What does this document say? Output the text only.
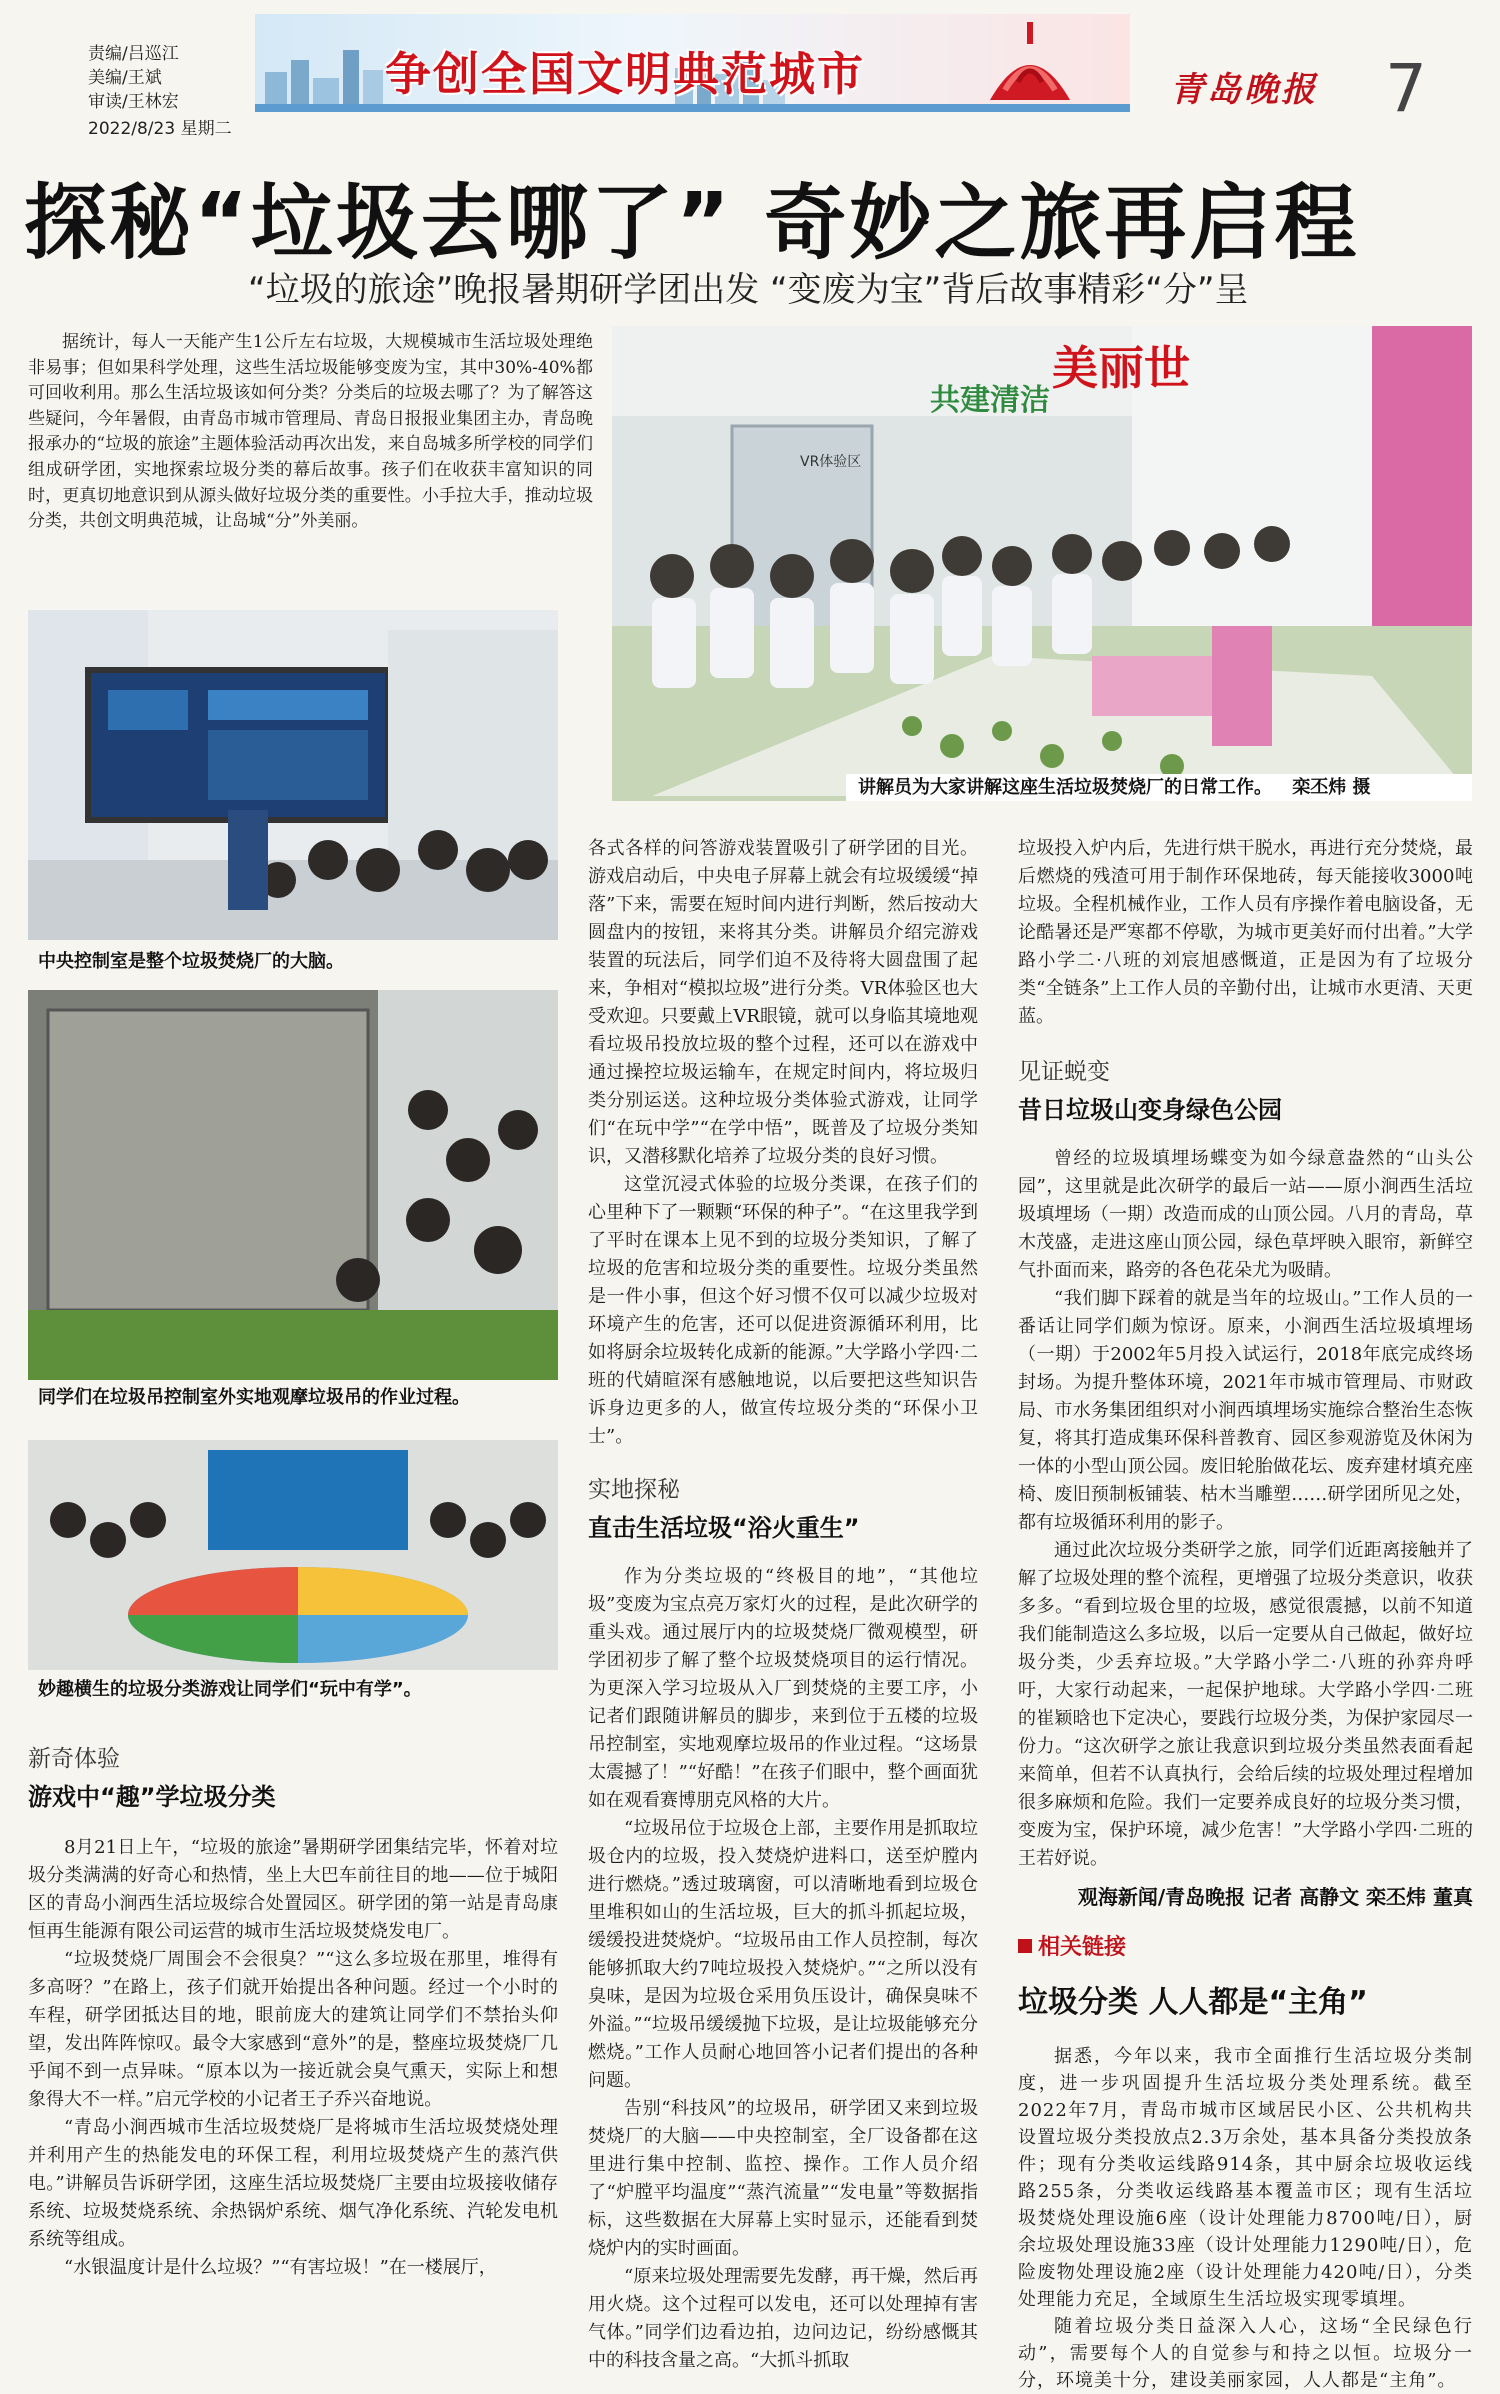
责编/吕巡江
美编/王斌
审读/王林宏
2022/8/23 星期二
争创全国文明典范城市	青岛晚报 7
探秘“垃圾去哪了” 奇妙之旅再启程
“垃圾的旅途”晚报暑期研学团出发 “变废为宝”背后故事精彩“分”呈
据统计，每人一天能产生1公斤左右垃圾，大规模城市生活垃圾处理绝非易事；但如果科学处理，这些生活垃圾能够变废为宝，其中30%-40%都可回收利用。那么生活垃圾该如何分类？分类后的垃圾去哪了？为了解答这些疑问，今年暑假，由青岛市城市管理局、青岛日报报业集团主办，青岛晚报承办的“垃圾的旅途”主题体验活动再次出发，来自岛城多所学校的同学们组成研学团，实地探索垃圾分类的幕后故事。孩子们在收获丰富知识的同时，更真切地意识到从源头做好垃圾分类的重要性。小手拉大手，推动垃圾分类，共创文明典范城，让岛城“分”外美丽。
VR体验区
共建清洁
美丽世
讲解员为大家讲解这座生活垃圾焚烧厂的日常工作。 栾丕炜 摄
中央控制室是整个垃圾焚烧厂的大脑。
同学们在垃圾吊控制室外实地观摩垃圾吊的作业过程。
妙趣横生的垃圾分类游戏让同学们“玩中有学”。
新奇体验
游戏中“趣”学垃圾分类
8月21日上午，“垃圾的旅途”暑期研学团集结完毕，怀着对垃圾分类满满的好奇心和热情，坐上大巴车前往目的地——位于城阳区的青岛小涧西生活垃圾综合处置园区。研学团的第一站是青岛康恒再生能源有限公司运营的城市生活垃圾焚烧发电厂。
“垃圾焚烧厂周围会不会很臭？”“这么多垃圾在那里，堆得有多高呀？”在路上，孩子们就开始提出各种问题。经过一个小时的车程，研学团抵达目的地，眼前庞大的建筑让同学们不禁抬头仰望，发出阵阵惊叹。最令大家感到“意外”的是，整座垃圾焚烧厂几乎闻不到一点异味。“原本以为一接近就会臭气熏天，实际上和想象得大不一样。”启元学校的小记者王子乔兴奋地说。
“青岛小涧西城市生活垃圾焚烧厂是将城市生活垃圾焚烧处理并利用产生的热能发电的环保工程，利用垃圾焚烧产生的蒸汽供电。”讲解员告诉研学团，这座生活垃圾焚烧厂主要由垃圾接收储存系统、垃圾焚烧系统、余热锅炉系统、烟气净化系统、汽轮发电机系统等组成。
“水银温度计是什么垃圾？”“有害垃圾！”在一楼展厅，
各式各样的问答游戏装置吸引了研学团的目光。游戏启动后，中央电子屏幕上就会有垃圾缓缓“掉落”下来，需要在短时间内进行判断，然后按动大圆盘内的按钮，来将其分类。讲解员介绍完游戏装置的玩法后，同学们迫不及待将大圆盘围了起来，争相对“模拟垃圾”进行分类。VR体验区也大受欢迎。只要戴上VR眼镜，就可以身临其境地观看垃圾吊投放垃圾的整个过程，还可以在游戏中通过操控垃圾运输车，在规定时间内，将垃圾归类分别运送。这种垃圾分类体验式游戏，让同学们“在玩中学”“在学中悟”，既普及了垃圾分类知识，又潜移默化培养了垃圾分类的良好习惯。
这堂沉浸式体验的垃圾分类课，在孩子们的心里种下了一颗颗“环保的种子”。“在这里我学到了平时在课本上见不到的垃圾分类知识，了解了垃圾的危害和垃圾分类的重要性。垃圾分类虽然是一件小事，但这个好习惯不仅可以减少垃圾对环境产生的危害，还可以促进资源循环利用，比如将厨余垃圾转化成新的能源。”大学路小学四·二班的代婧暄深有感触地说，以后要把这些知识告诉身边更多的人，做宣传垃圾分类的“环保小卫士”。
实地探秘
直击生活垃圾“浴火重生”
作为分类垃圾的“终极目的地”，“其他垃圾”变废为宝点亮万家灯火的过程，是此次研学的重头戏。通过展厅内的垃圾焚烧厂微观模型，研学团初步了解了整个垃圾焚烧项目的运行情况。为更深入学习垃圾从入厂到焚烧的主要工序，小记者们跟随讲解员的脚步，来到位于五楼的垃圾吊控制室，实地观摩垃圾吊的作业过程。“这场景太震撼了！”“好酷！”在孩子们眼中，整个画面犹如在观看赛博朋克风格的大片。
“垃圾吊位于垃圾仓上部，主要作用是抓取垃圾仓内的垃圾，投入焚烧炉进料口，送至炉膛内进行燃烧。”透过玻璃窗，可以清晰地看到垃圾仓里堆积如山的生活垃圾，巨大的抓斗抓起垃圾，缓缓投进焚烧炉。“垃圾吊由工作人员控制，每次能够抓取大约7吨垃圾投入焚烧炉。”“之所以没有臭味，是因为垃圾仓采用负压设计，确保臭味不外溢。”“垃圾吊缓缓抛下垃圾，是让垃圾能够充分燃烧。”工作人员耐心地回答小记者们提出的各种问题。
告别“科技风”的垃圾吊，研学团又来到垃圾焚烧厂的大脑——中央控制室，全厂设备都在这里进行集中控制、监控、操作。工作人员介绍了“炉膛平均温度”“蒸汽流量”“发电量”等数据指标，这些数据在大屏幕上实时显示，还能看到焚烧炉内的实时画面。
“原来垃圾处理需要先发酵，再干燥，然后再用火烧。这个过程可以发电，还可以处理掉有害气体。”同学们边看边拍，边问边记，纷纷感慨其中的科技含量之高。“大抓斗抓取
垃圾投入炉内后，先进行烘干脱水，再进行充分焚烧，最后燃烧的残渣可用于制作环保地砖，每天能接收3000吨垃圾。全程机械作业，工作人员有序操作着电脑设备，无论酷暑还是严寒都不停歇，为城市更美好而付出着。”大学路小学二·八班的刘宸旭感慨道，正是因为有了垃圾分类“全链条”上工作人员的辛勤付出，让城市水更清、天更蓝。
见证蜕变
昔日垃圾山变身绿色公园
曾经的垃圾填埋场蝶变为如今绿意盎然的“山头公园”，这里就是此次研学的最后一站——原小涧西生活垃圾填埋场（一期）改造而成的山顶公园。八月的青岛，草木茂盛，走进这座山顶公园，绿色草坪映入眼帘，新鲜空气扑面而来，路旁的各色花朵尤为吸睛。
“我们脚下踩着的就是当年的垃圾山。”工作人员的一番话让同学们颇为惊讶。原来，小涧西生活垃圾填埋场（一期）于2002年5月投入试运行，2018年底完成终场封场。为提升整体环境，2021年市城市管理局、市财政局、市水务集团组织对小涧西填埋场实施综合整治生态恢复，将其打造成集环保科普教育、园区参观游览及休闲为一体的小型山顶公园。废旧轮胎做花坛、废弃建材填充座椅、废旧预制板铺装、枯木当雕塑……研学团所见之处，都有垃圾循环利用的影子。
通过此次垃圾分类研学之旅，同学们近距离接触并了解了垃圾处理的整个流程，更增强了垃圾分类意识，收获多多。“看到垃圾仓里的垃圾，感觉很震撼，以前不知道我们能制造这么多垃圾，以后一定要从自己做起，做好垃圾分类，少丢弃垃圾。”大学路小学二·八班的孙弈舟呼吁，大家行动起来，一起保护地球。大学路小学四·二班的崔颖晗也下定决心，要践行垃圾分类，为保护家园尽一份力。“这次研学之旅让我意识到垃圾分类虽然表面看起来简单，但若不认真执行，会给后续的垃圾处理过程增加很多麻烦和危险。我们一定要养成良好的垃圾分类习惯，变废为宝，保护环境，减少危害！”大学路小学四·二班的王若妤说。
观海新闻/青岛晚报 记者 高静文 栾丕炜 董真
相关链接
垃圾分类 人人都是“主角”
据悉，今年以来，我市全面推行生活垃圾分类制度，进一步巩固提升生活垃圾分类处理系统。截至2022年7月，青岛市城市区域居民小区、公共机构共设置垃圾分类投放点2.3万余处，基本具备分类投放条件；现有分类收运线路914条，其中厨余垃圾收运线路255条，分类收运线路基本覆盖市区；现有生活垃圾焚烧处理设施6座（设计处理能力8700吨/日），厨余垃圾处理设施33座（设计处理能力1290吨/日），危险废物处理设施2座（设计处理能力420吨/日），分类处理能力充足，全域原生生活垃圾实现零填埋。
随着垃圾分类日益深入人心，这场“全民绿色行动”，需要每个人的自觉参与和持之以恒。垃圾分一分，环境美十分，建设美丽家园，人人都是“主角”。
